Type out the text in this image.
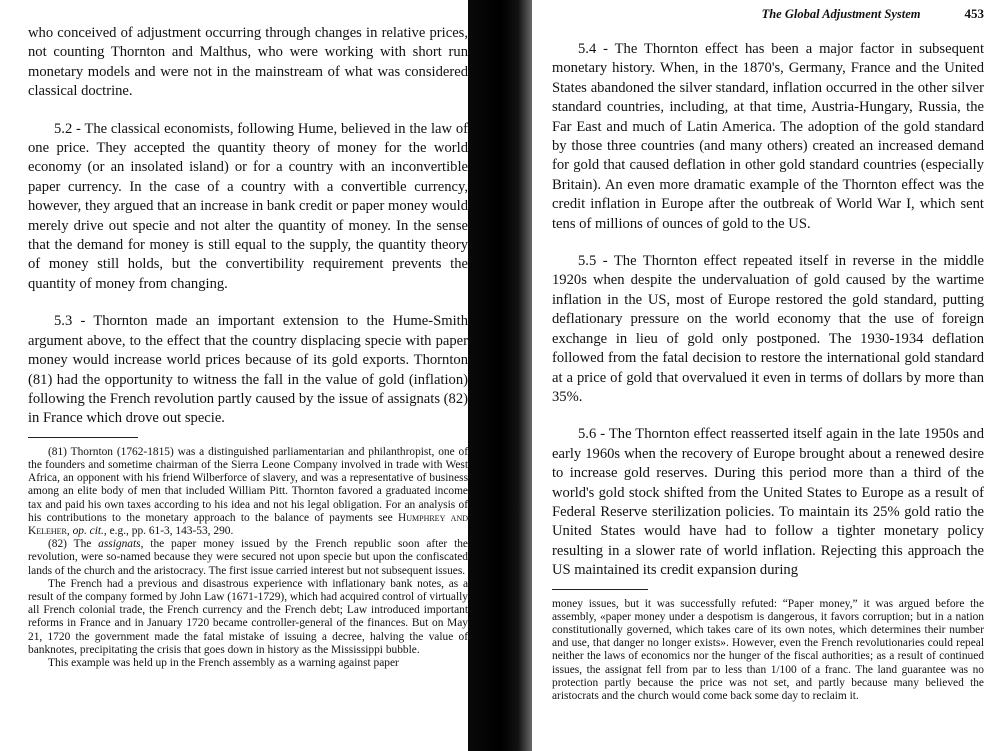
who conceived of adjustment occurring through changes in relative prices, not counting Thornton and Malthus, who were working with short run monetary models and were not in the mainstream of what was considered classical doctrine.

5.2 - The classical economists, following Hume, believed in the law of one price. They accepted the quantity theory of money for the world economy (or an insolated island) or for a country with an inconvertible paper currency. In the case of a country with a convertible currency, however, they argued that an increase in bank credit or paper money would merely drive out specie and not alter the quantity of money. In the sense that the demand for money is still equal to the supply, the quantity theory of money still holds, but the convertibility requirement prevents the quantity of money from changing.

5.3 - Thornton made an important extension to the Hume-Smith argument above, to the effect that the country displacing specie with paper money would increase world prices because of its gold exports. Thornton (81) had the opportunity to witness the fall in the value of gold (inflation) following the French revolution partly caused by the issue of assignats (82) in France which drove out specie.

(81) Thornton (1762-1815) was a distinguished parliamentarian and philanthropist, one of the founders and sometime chairman of the Sierra Leone Company involved in trade with West Africa, an opponent with his friend Wilberforce of slavery, and was a representative of business among an elite body of men that included William Pitt. Thornton favored a graduated income tax and paid his own taxes according to his idea and not his legal obligation. For an analysis of his contributions to the monetary approach to the balance of payments see Humphrey and Keleher, op. cit., e.g., pp. 61-3, 143-53, 290.

(82) The assignats, the paper money issued by the French republic soon after the revolution, were so-named because they were secured not upon specie but upon the confiscated lands of the church and the aristocracy. The first issue carried interest but not subsequent issues.

The French had a previous and disastrous experience with inflationary bank notes, as a result of the company formed by John Law (1671-1729), which had acquired control of virtually all French colonial trade, the French currency and the French debt; Law introduced important reforms in France and in January 1720 became controller-general of the finances. But on May 21, 1720 the government made the fatal mistake of issuing a decree, halving the value of banknotes, precipitating the crisis that goes down in history as the Mississippi bubble.

This example was held up in the French assembly as a warning against paper

The Global Adjustment System	453

5.4 - The Thornton effect has been a major factor in subsequent monetary history. When, in the 1870's, Germany, France and the United States abandoned the silver standard, inflation occurred in the other silver standard countries, including, at that time, Austria-Hungary, Russia, the Far East and much of Latin America. The adoption of the gold standard by those three countries (and many others) created an increased demand for gold that caused deflation in other gold standard countries (especially Britain). An even more dramatic example of the Thornton effect was the credit inflation in Europe after the outbreak of World War I, which sent tens of millions of ounces of gold to the US.

5.5 - The Thornton effect repeated itself in reverse in the middle 1920s when despite the undervaluation of gold caused by the wartime inflation in the US, most of Europe restored the gold standard, putting deflationary pressure on the world economy that the use of foreign exchange in lieu of gold only postponed. The 1930-1934 deflation followed from the fatal decision to restore the international gold standard at a price of gold that overvalued it even in terms of dollars by more than 35%.

5.6 - The Thornton effect reasserted itself again in the late 1950s and early 1960s when the recovery of Europe brought about a renewed desire to increase gold reserves. During this period more than a third of the world's gold stock shifted from the United States to Europe as a result of Federal Reserve sterilization policies. To maintain its 25% gold ratio the United States would have had to follow a tighter monetary policy resulting in a slower rate of world inflation. Rejecting this approach the US maintained its credit expansion during

money issues, but it was successfully refuted: “Paper money,” it was argued before the assembly, «paper money under a despotism is dangerous, it favors corruption; but in a nation constitutionally governed, which takes care of its own notes, which determines their number and use, that danger no longer exists». However, even the French revolutionaries could repeal neither the laws of economics nor the hunger of the fiscal authorities; as a result of continued issues, the assignat fell from par to less than 1/100 of a franc. The land guarantee was no protection partly because the price was not set, and partly because many believed the aristocrats and the church would come back some day to reclaim it.
